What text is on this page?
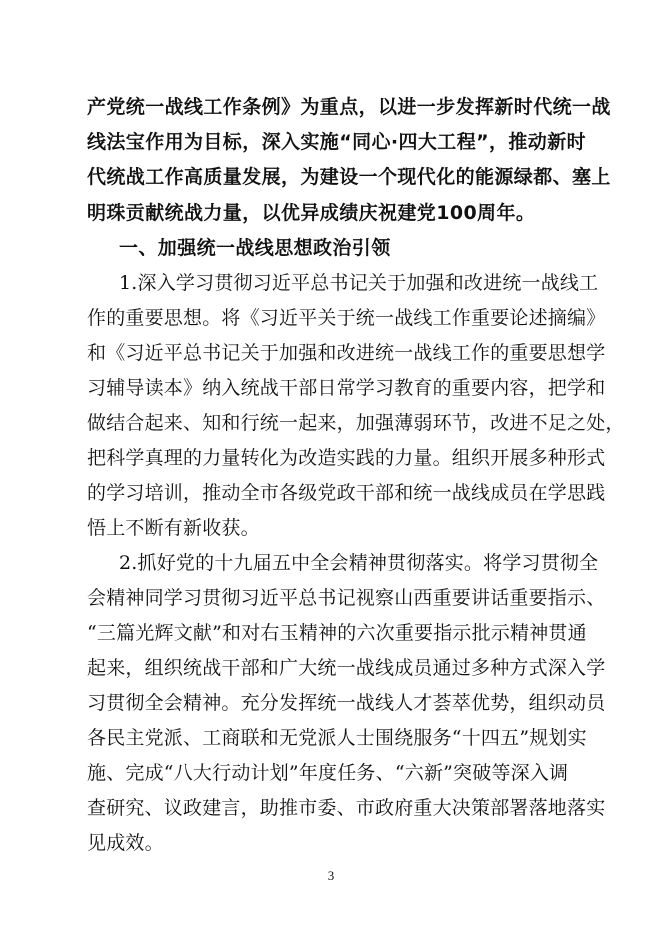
产党统一战线工作条例》为重点，以进一步发挥新时代统一战
线法宝作用为目标，深入实施“同心·四大工程”，推动新时
代统战工作高质量发展，为建设一个现代化的能源绿都、塞上
明珠贡献统战力量，以优异成绩庆祝建党100周年。
一、加强统一战线思想政治引领
1.深入学习贯彻习近平总书记关于加强和改进统一战线工
作的重要思想。将《习近平关于统一战线工作重要论述摘编》
和《习近平总书记关于加强和改进统一战线工作的重要思想学
习辅导读本》纳入统战干部日常学习教育的重要内容，把学和
做结合起来、知和行统一起来，加强薄弱环节，改进不足之处，
把科学真理的力量转化为改造实践的力量。组织开展多种形式
的学习培训，推动全市各级党政干部和统一战线成员在学思践
悟上不断有新收获。
2.抓好党的十九届五中全会精神贯彻落实。将学习贯彻全
会精神同学习贯彻习近平总书记视察山西重要讲话重要指示、
“三篇光辉文献”和对右玉精神的六次重要指示批示精神贯通
起来，组织统战干部和广大统一战线成员通过多种方式深入学
习贯彻全会精神。充分发挥统一战线人才荟萃优势，组织动员
各民主党派、工商联和无党派人士围绕服务“十四五”规划实
施、完成“八大行动计划”年度任务、“六新”突破等深入调
查研究、议政建言，助推市委、市政府重大决策部署落地落实
见成效。
3
